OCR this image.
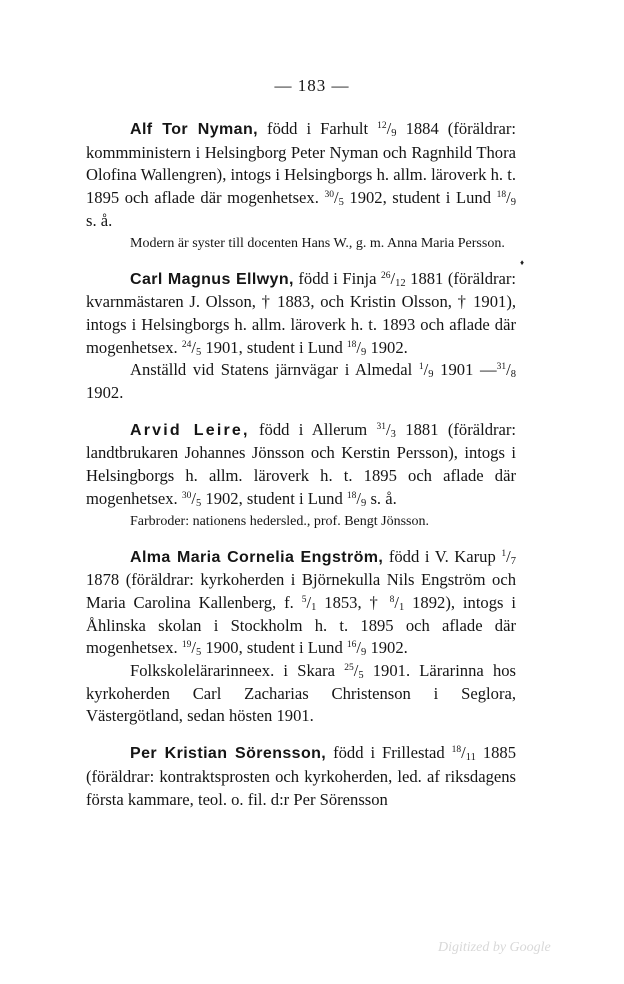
— 183 —
♦

Alf Tor Nyman, född i Farhult $^{12}/_9$ 1884 (föräldrar: kommministern i Helsingborg Peter Nyman och Ragnhild Thora Olofina Wallengren), intogs i Helsingborgs h. allm. läroverk h. t. 1895 och aflade där mogenhetsex. $^{30}/_5$ 1902, student i Lund $^{18}/_9$ s. å.

Modern är syster till docenten Hans W., g. m. Anna Maria Persson.

Carl Magnus Ellwyn, född i Finja $^{26}/_{12}$ 1881 (föräldrar: kvarnmästaren J. Olsson, † 1883, och Kristin Olsson, † 1901), intogs i Helsingborgs h. allm. läroverk h. t. 1893 och aflade där mogenhetsex. $^{24}/_5$ 1901, student i Lund $^{18}/_9$ 1902.

Anställd vid Statens järnvägar i Almedal $^1/_9$ 1901 $—^{31}/_8$ 1902.

Arvid Leire, född i Allerum $^{31}/_3$ 1881 (föräldrar: landtbrukaren Johannes Jönsson och Kerstin Persson), intogs i Helsingborgs h. allm. läroverk h. t. 1895 och aflade där mogenhetsex. $^{30}/_5$ 1902, student i Lund $^{18}/_9$ s. å.

Farbroder: nationens hedersled., prof. Bengt Jönsson.

Alma Maria Cornelia Engström, född i V. Karup $^1/_7$ 1878 (föräldrar: kyrkoherden i Björnekulla Nils Engström och Maria Carolina Kallenberg, f. $^5/_1$ 1853, † $^8/_1$ 1892), intogs i Åhlinska skolan i Stockholm h. t. 1895 och aflade där mogenhetsex. $^{19}/_5$ 1900, student i Lund $^{16}/_9$ 1902.

Folkskolelärarinneex. i Skara $^{25}/_5$ 1901. Lärarinna hos kyrkoherden Carl Zacharias Christenson i Seglora, Västergötland, sedan hösten 1901.

Per Kristian Sörensson, född i Frillestad $^{18}/_{11}$ 1885 (föräldrar: kontraktsprosten och kyrkoherden, led. af riksdagens första kammare, teol. o. fil. d:r Per Sörensson

Digitized by Google
